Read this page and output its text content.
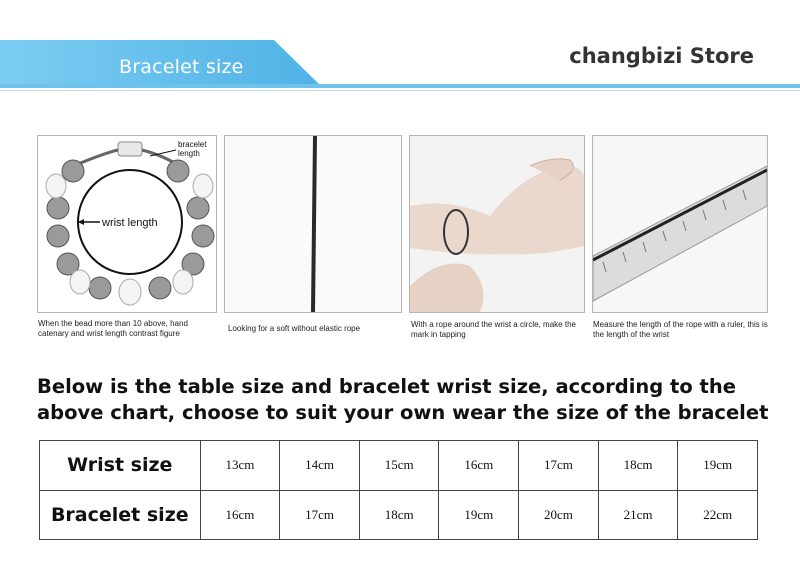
Bracelet size	changbizi Store
wrist length
bracelet
length
When the bead more than 10 above, hand catenary and wrist length contrast figure
Looking for a soft without elastic rope	With a rope around the wrist a circle, make the mark in tapping
Measure the length of the rope with a ruler, this is the length of the wrist
Below is the table size and bracelet wrist size, according to the above chart, choose to suit your own wear the size of the bracelet
Wrist size	13cm	14cm	15cm	16cm	17cm	18cm	19cm
Bracelet size	16cm	17cm	18cm	19cm	20cm	21cm	22cm
